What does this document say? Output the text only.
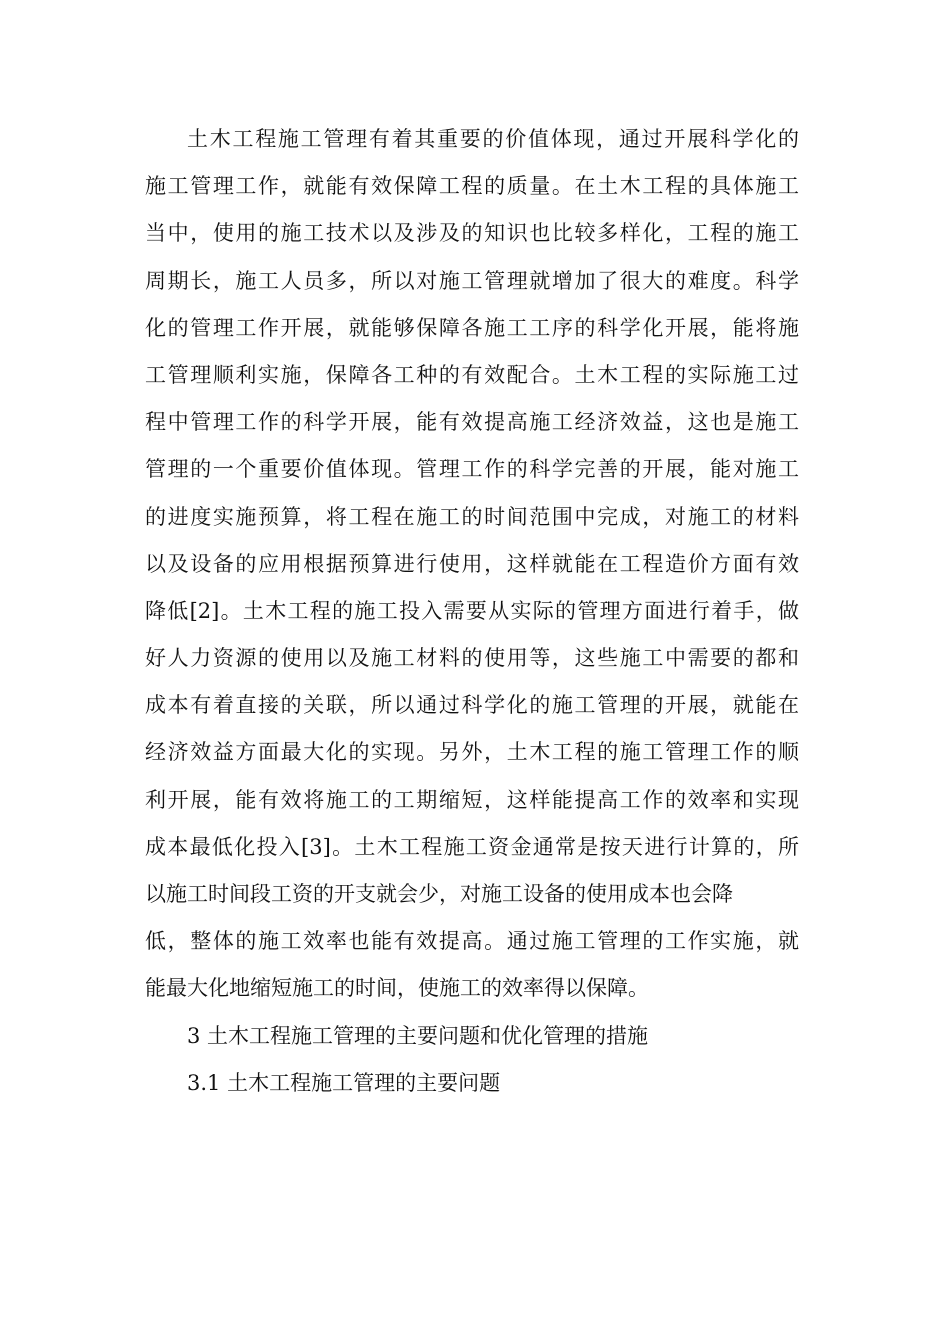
土木工程施工管理有着其重要的价值体现，通过开展科学化的
施工管理工作，就能有效保障工程的质量。在土木工程的具体施工
当中，使用的施工技术以及涉及的知识也比较多样化，工程的施工
周期长，施工人员多，所以对施工管理就增加了很大的难度。科学
化的管理工作开展，就能够保障各施工工序的科学化开展，能将施
工管理顺利实施，保障各工种的有效配合。土木工程的实际施工过
程中管理工作的科学开展，能有效提高施工经济效益，这也是施工
管理的一个重要价值体现。管理工作的科学完善的开展，能对施工
的进度实施预算，将工程在施工的时间范围中完成，对施工的材料
以及设备的应用根据预算进行使用，这样就能在工程造价方面有效
降低[2]。土木工程的施工投入需要从实际的管理方面进行着手，做
好人力资源的使用以及施工材料的使用等，这些施工中需要的都和
成本有着直接的关联，所以通过科学化的施工管理的开展，就能在
经济效益方面最大化的实现。另外，土木工程的施工管理工作的顺
利开展，能有效将施工的工期缩短，这样能提高工作的效率和实现
成本最低化投入[3]。土木工程施工资金通常是按天进行计算的，所
以施工时间段工资的开支就会少，对施工设备的使用成本也会降
低，整体的施工效率也能有效提高。通过施工管理的工作实施，就
能最大化地缩短施工的时间，使施工的效率得以保障。
3 土木工程施工管理的主要问题和优化管理的措施
3.1 土木工程施工管理的主要问题
